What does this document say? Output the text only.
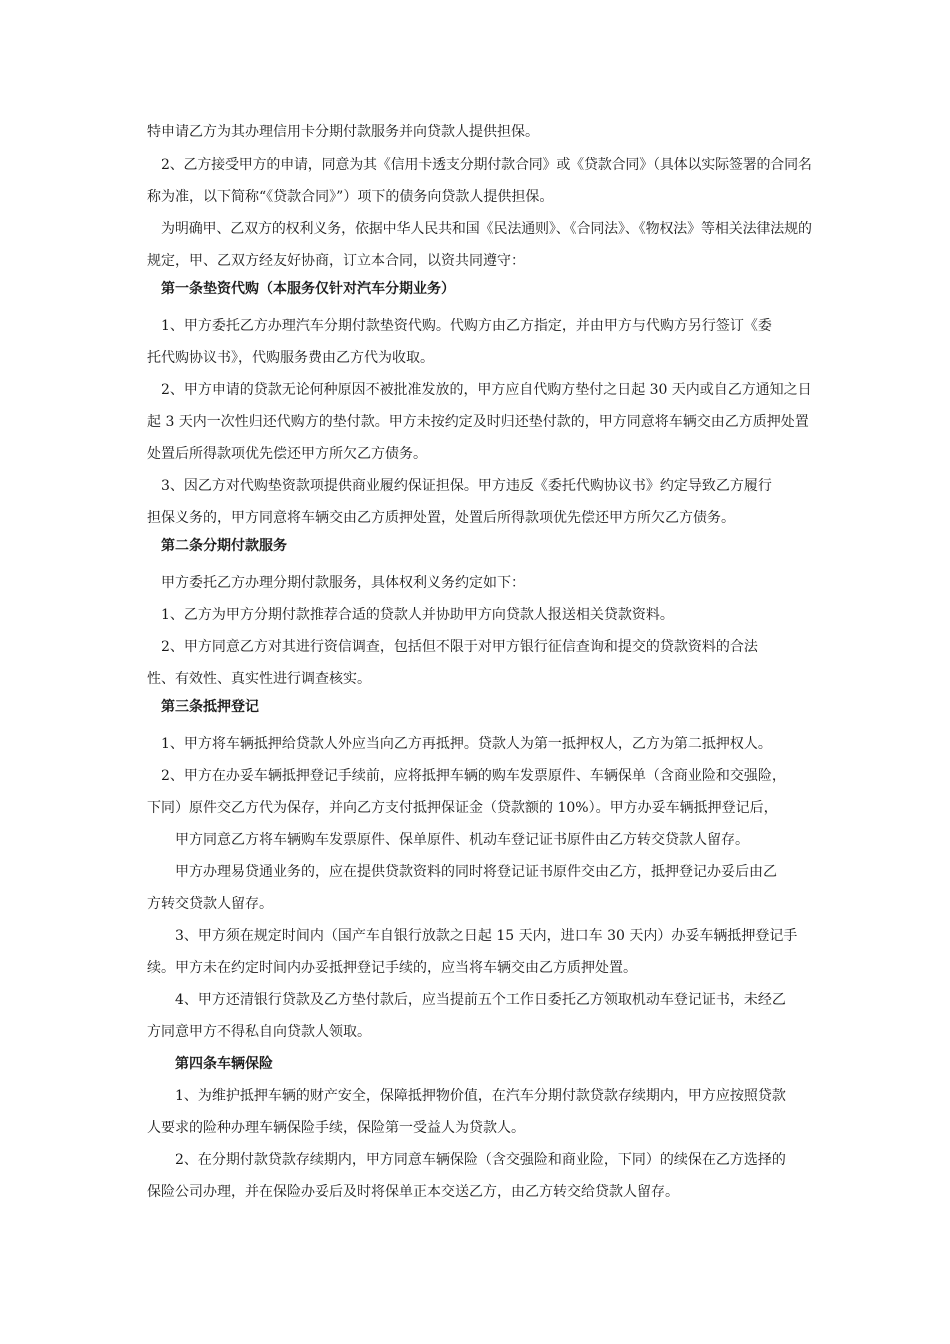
特申请乙方为其办理信用卡分期付款服务并向贷款人提供担保。
2、乙方接受甲方的申请，同意为其《信用卡透支分期付款合同》或《贷款合同》（具体以实际签署的合同名
称为准，以下简称“《贷款合同》”）项下的债务向贷款人提供担保。
为明确甲、乙双方的权利义务，依据中华人民共和国《民法通则》、《合同法》、《物权法》等相关法律法规的
规定，甲、乙双方经友好协商，订立本合同，以资共同遵守：
第一条垫资代购（本服务仅针对汽车分期业务）
1、甲方委托乙方办理汽车分期付款垫资代购。代购方由乙方指定，并由甲方与代购方另行签订《委
托代购协议书》，代购服务费由乙方代为收取。
2、甲方申请的贷款无论何种原因不被批准发放的，甲方应自代购方垫付之日起 30 天内或自乙方通知之日
起 3 天内一次性归还代购方的垫付款。甲方未按约定及时归还垫付款的，甲方同意将车辆交由乙方质押处置
处置后所得款项优先偿还甲方所欠乙方债务。
3、因乙方对代购垫资款项提供商业履约保证担保。甲方违反《委托代购协议书》约定导致乙方履行
担保义务的，甲方同意将车辆交由乙方质押处置，处置后所得款项优先偿还甲方所欠乙方债务。
第二条分期付款服务
甲方委托乙方办理分期付款服务，具体权利义务约定如下：
1、乙方为甲方分期付款推荐合适的贷款人并协助甲方向贷款人报送相关贷款资料。
2、甲方同意乙方对其进行资信调查，包括但不限于对甲方银行征信查询和提交的贷款资料的合法
性、有效性、真实性进行调查核实。
第三条抵押登记
1、甲方将车辆抵押给贷款人外应当向乙方再抵押。贷款人为第一抵押权人，乙方为第二抵押权人。
2、甲方在办妥车辆抵押登记手续前，应将抵押车辆的购车发票原件、车辆保单（含商业险和交强险，
下同）原件交乙方代为保存，并向乙方支付抵押保证金（贷款额的 10%）。甲方办妥车辆抵押登记后，
甲方同意乙方将车辆购车发票原件、保单原件、机动车登记证书原件由乙方转交贷款人留存。
甲方办理易贷通业务的，应在提供贷款资料的同时将登记证书原件交由乙方，抵押登记办妥后由乙
方转交贷款人留存。
3、甲方须在规定时间内（国产车自银行放款之日起 15 天内，进口车 30 天内）办妥车辆抵押登记手
续。甲方未在约定时间内办妥抵押登记手续的，应当将车辆交由乙方质押处置。
4、甲方还清银行贷款及乙方垫付款后，应当提前五个工作日委托乙方领取机动车登记证书，未经乙
方同意甲方不得私自向贷款人领取。
第四条车辆保险
1、为维护抵押车辆的财产安全，保障抵押物价值，在汽车分期付款贷款存续期内，甲方应按照贷款
人要求的险种办理车辆保险手续，保险第一受益人为贷款人。
2、在分期付款贷款存续期内，甲方同意车辆保险（含交强险和商业险，下同）的续保在乙方选择的
保险公司办理，并在保险办妥后及时将保单正本交送乙方，由乙方转交给贷款人留存。
